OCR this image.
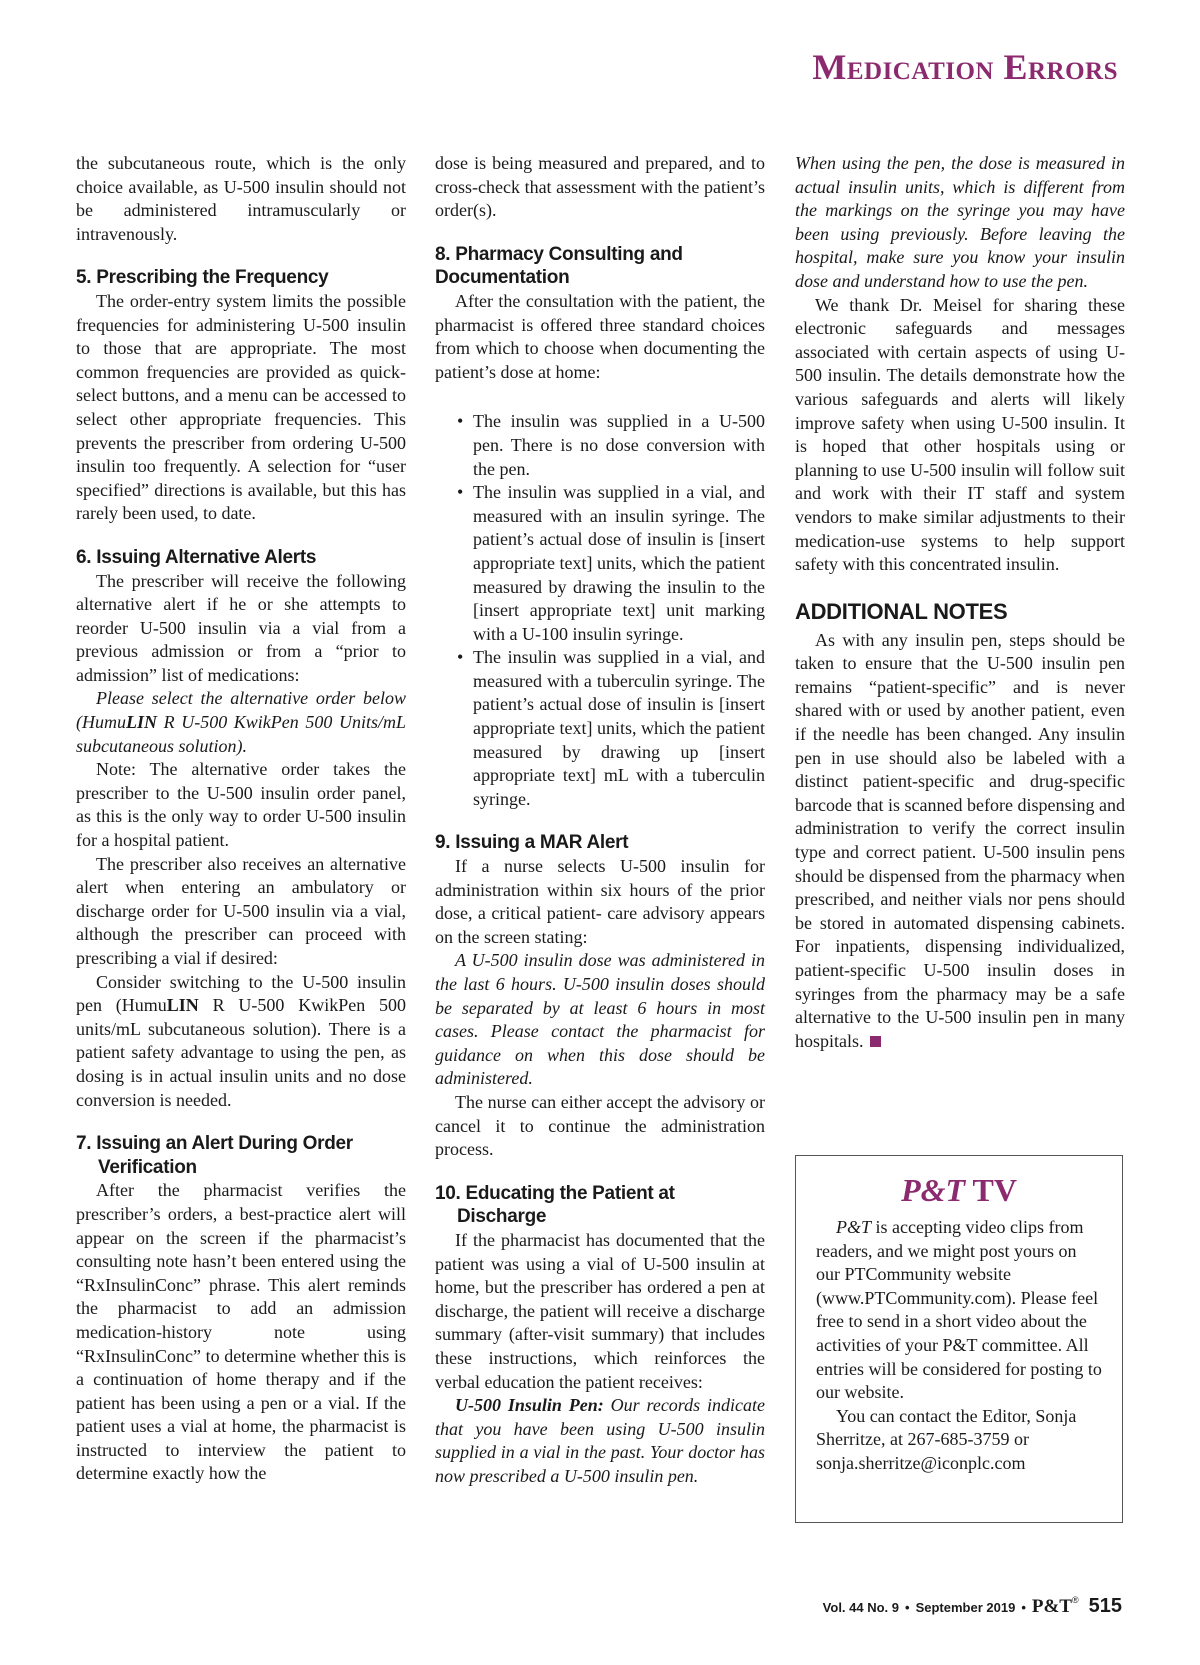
Medication Errors

the subcutaneous route, which is the only choice available, as U-500 insulin should not be administered intramuscularly or intravenously.

5. Prescribing the Frequency

The order-entry system limits the possible frequencies for administering U-500 insulin to those that are appropriate. The most common frequencies are provided as quick-select buttons, and a menu can be accessed to select other appropriate frequencies. This prevents the prescriber from ordering U-500 insulin too frequently. A selection for “user specified” directions is available, but this has rarely been used, to date.

6. Issuing Alternative Alerts

The prescriber will receive the following alternative alert if he or she attempts to reorder U-500 insulin via a vial from a previous admission or from a “prior to admission” list of medications:

Please select the alternative order below (HumuLIN R U-500 KwikPen 500 Units/mL subcutaneous solution).

Note: The alternative order takes the prescriber to the U-500 insulin order panel, as this is the only way to order U-500 insulin for a hospital patient.

The prescriber also receives an alternative alert when entering an ambulatory or discharge order for U-500 insulin via a vial, although the prescriber can proceed with prescribing a vial if desired:

Consider switching to the U-500 insulin pen (HumuLIN R U-500 KwikPen 500 units/mL subcutaneous solution). There is a patient safety advantage to using the pen, as dosing is in actual insulin units and no dose conversion is needed.

7. Issuing an Alert During Order
Verification

After the pharmacist verifies the prescriber’s orders, a best-practice alert will appear on the screen if the pharmacist’s consulting note hasn’t been entered using the “RxInsulinConc” phrase. This alert reminds the pharmacist to add an admission medication-history note using “RxInsulinConc” to determine whether this is a continuation of home therapy and if the patient has been using a pen or a vial. If the patient uses a vial at home, the pharmacist is instructed to interview the patient to determine exactly how the

dose is being measured and prepared, and to cross-check that assessment with the patient’s order(s).

8. Pharmacy Consulting and Documentation

After the consultation with the patient, the pharmacist is offered three standard choices from which to choose when documenting the patient’s dose at home:

• The insulin was supplied in a U-500 pen. There is no dose conversion with the pen.
• The insulin was supplied in a vial, and measured with an insulin syringe. The patient’s actual dose of insulin is [insert appropriate text] units, which the patient measured by drawing the insulin to the [insert appropriate text] unit marking with a U-100 insulin syringe.
• The insulin was supplied in a vial, and measured with a tuberculin syringe. The patient’s actual dose of insulin is [insert appropriate text] units, which the patient measured by drawing up [insert appropriate text] mL with a tuberculin syringe.
9. Issuing a MAR Alert

If a nurse selects U-500 insulin for administration within six hours of the prior dose, a critical patient- care advisory appears on the screen stating:

A U-500 insulin dose was administered in the last 6 hours. U-500 insulin doses should be separated by at least 6 hours in most cases. Please contact the pharmacist for guidance on when this dose should be administered.

The nurse can either accept the advisory or cancel it to continue the administration process.

10. Educating the Patient at
Discharge

If the pharmacist has documented that the patient was using a vial of U-500 insulin at home, but the prescriber has ordered a pen at discharge, the patient will receive a discharge summary (after-visit summary) that includes these instructions, which reinforces the verbal education the patient receives:

U-500 Insulin Pen: Our records indicate that you have been using U-500 insulin supplied in a vial in the past. Your doctor has now prescribed a U-500 insulin pen.

When using the pen, the dose is measured in actual insulin units, which is different from the markings on the syringe you may have been using previously. Before leaving the hospital, make sure you know your insulin dose and understand how to use the pen.

We thank Dr. Meisel for sharing these electronic safeguards and messages associated with certain aspects of using U-500 insulin. The details demonstrate how the various safeguards and alerts will likely improve safety when using U-500 insulin. It is hoped that other hospitals using or planning to use U-500 insulin will follow suit and work with their IT staff and system vendors to make similar adjustments to their medication-use systems to help support safety with this concentrated insulin.

ADDITIONAL NOTES

As with any insulin pen, steps should be taken to ensure that the U-500 insulin pen remains “patient-specific” and is never shared with or used by another patient, even if the needle has been changed. Any insulin pen in use should also be labeled with a distinct patient-specific and drug-specific barcode that is scanned before dispensing and administration to verify the correct insulin type and correct patient. U-500 insulin pens should be dispensed from the pharmacy when prescribed, and neither vials nor pens should be stored in automated dispensing cabinets. For inpatients, dispensing individualized, patient-specific U-500 insulin doses in syringes from the pharmacy may be a safe alternative to the U-500 insulin pen in many hospitals.

P&T TV

P&T is accepting video clips from readers, and we might post yours on our PTCommunity website (www.PTCommunity.com). Please feel free to send in a short video about the activities of your P&T committee. All entries will be considered for posting to our website.

You can contact the Editor, Sonja Sherritze, at 267-685-3759 or sonja.sherritze@iconplc.com

Vol. 44 No. 9 • September 2019 • P&T® 515
